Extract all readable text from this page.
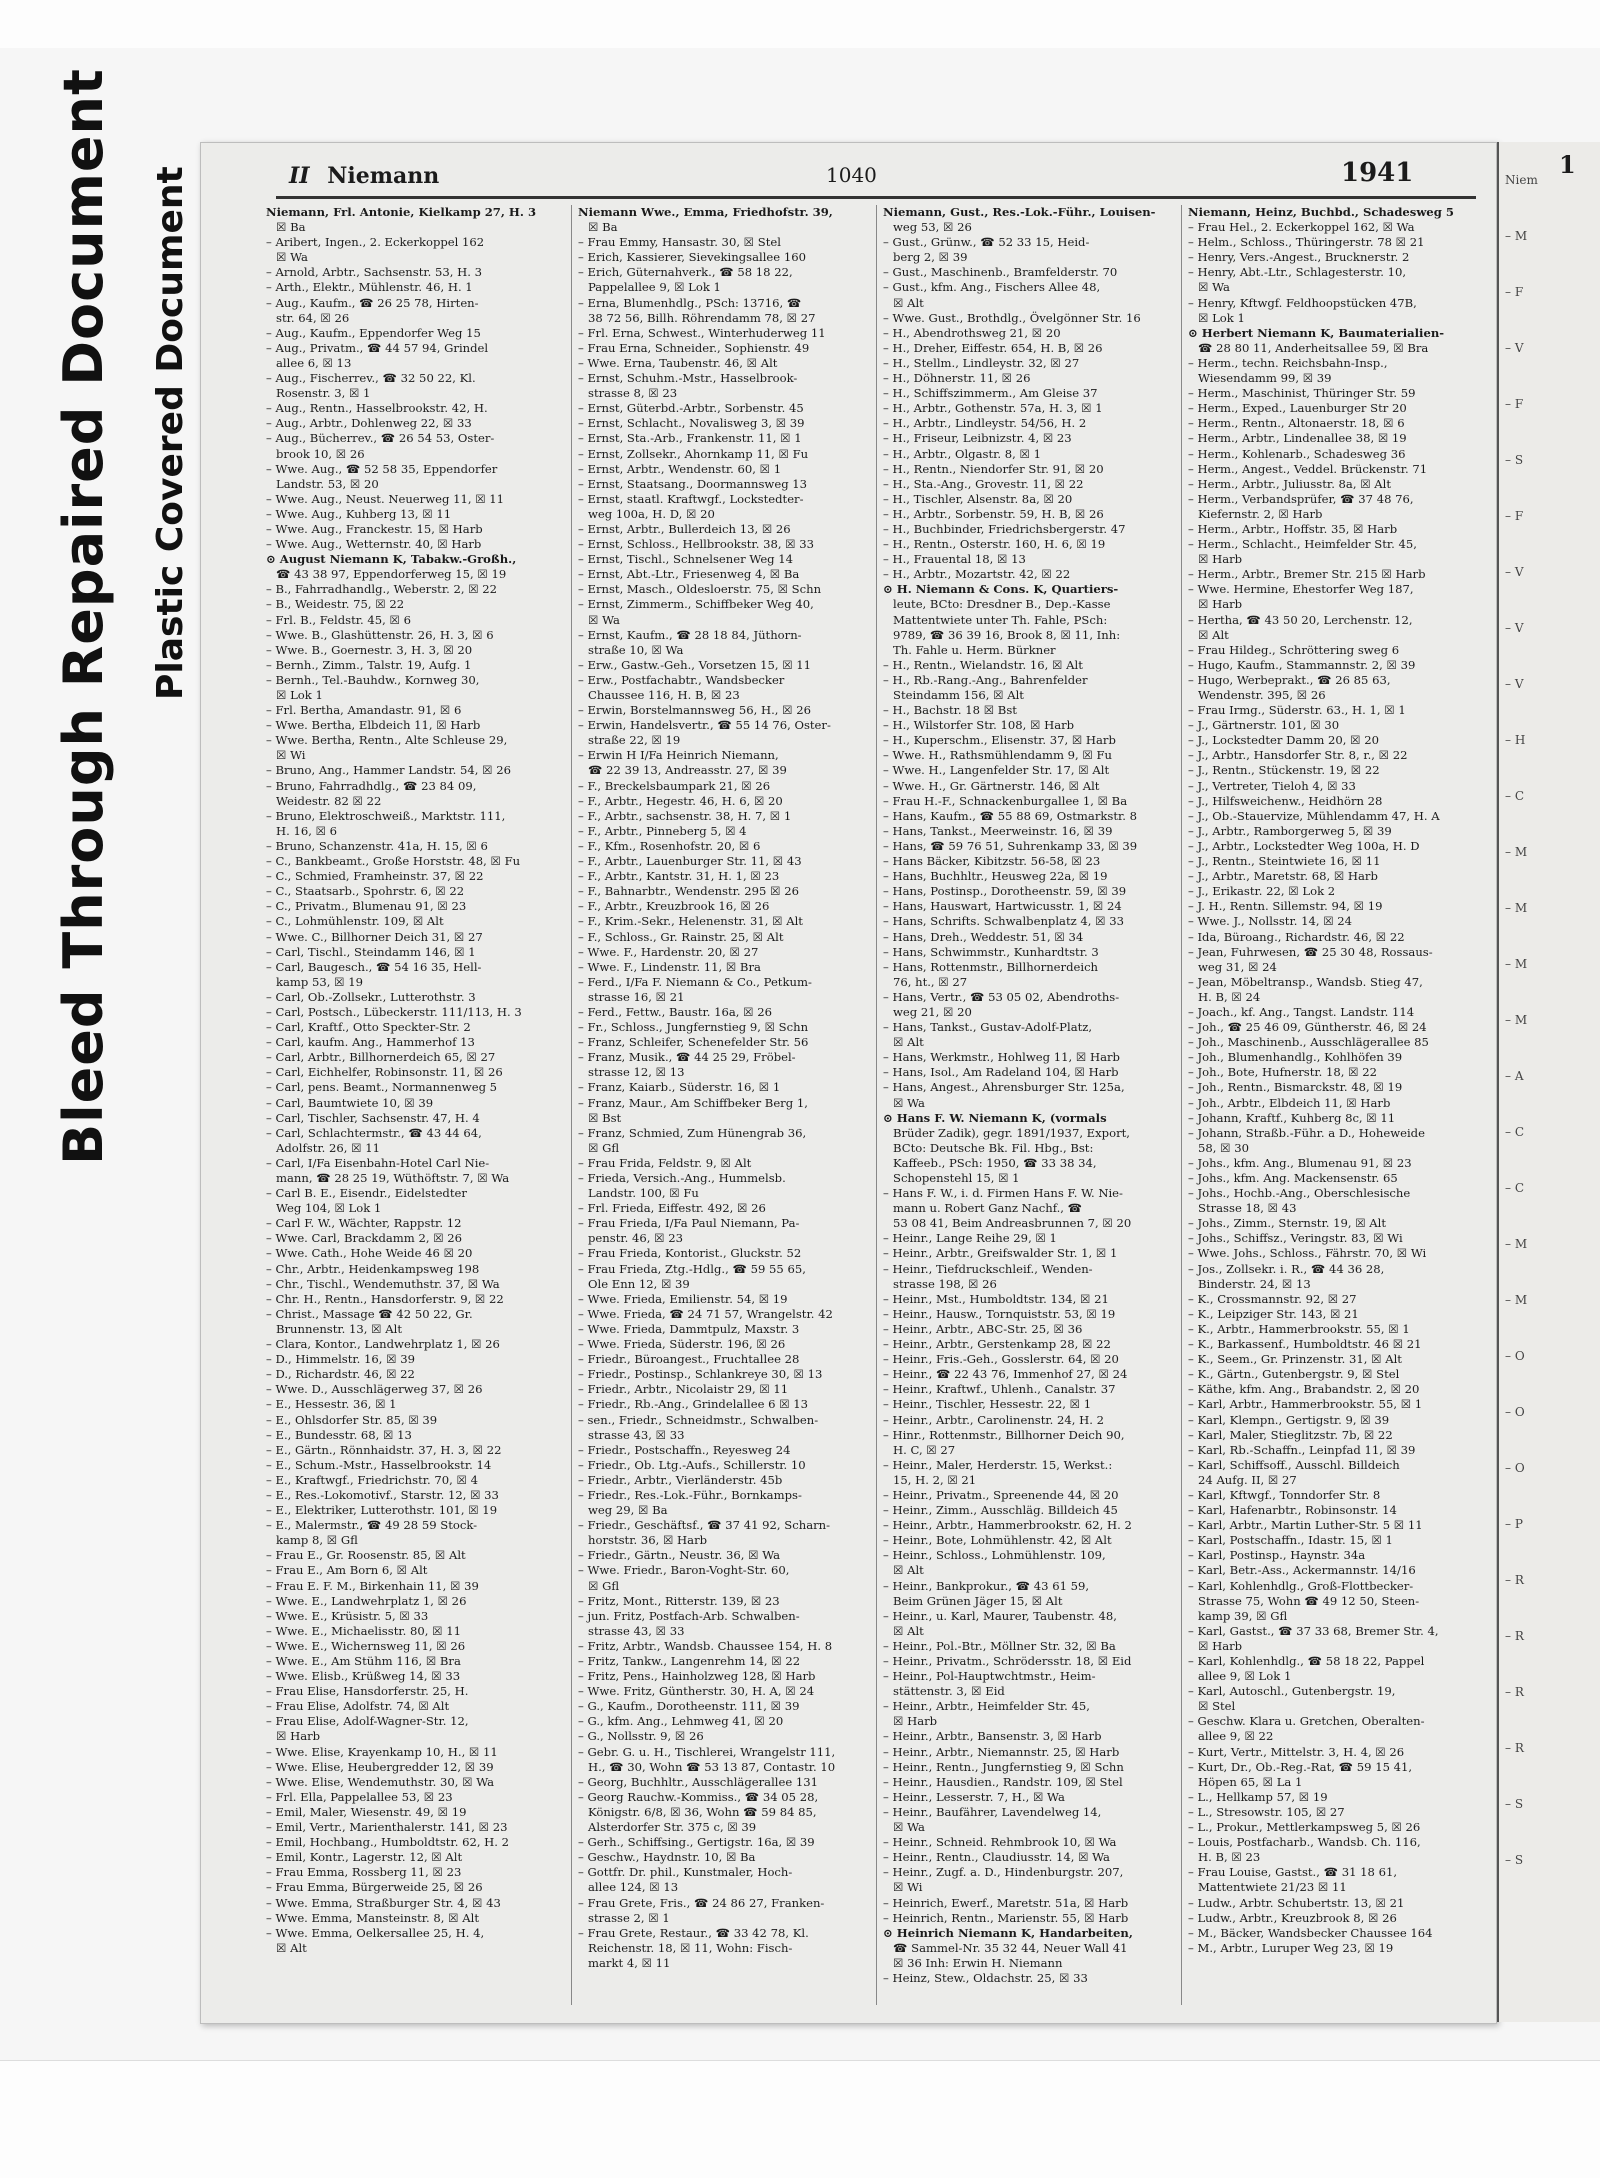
Bleed Through Repaired Document Plastic Covered Document	II Niemann	1040	1941
Niemann, Frl. Antonie, Kielkamp 27, H. 3
☒ Ba
– Aribert, Ingen., 2. Eckerkoppel 162
☒ Wa
– Arnold, Arbtr., Sachsenstr. 53, H. 3
– Arth., Elektr., Mühlenstr. 46, H. 1
– Aug., Kaufm., ☎ 26 25 78, Hirten-
str. 64, ☒ 26
– Aug., Kaufm., Eppendorfer Weg 15
– Aug., Privatm., ☎ 44 57 94, Grindel
allee 6, ☒ 13
– Aug., Fischerrev., ☎ 32 50 22, Kl.
Rosenstr. 3, ☒ 1
– Aug., Rentn., Hasselbrookstr. 42, H.
– Aug., Arbtr., Dohlenweg 22, ☒ 33
– Aug., Bücherrev., ☎ 26 54 53, Oster-
brook 10, ☒ 26
– Wwe. Aug., ☎ 52 58 35, Eppendorfer
Landstr. 53, ☒ 20
– Wwe. Aug., Neust. Neuerweg 11, ☒ 11
– Wwe. Aug., Kuhberg 13, ☒ 11
– Wwe. Aug., Franckestr. 15, ☒ Harb
– Wwe. Aug., Wetternstr. 40, ☒ Harb
⊙ August Niemann K, Tabakw.-Großh.,
☎ 43 38 97, Eppendorferweg 15, ☒ 19
– B., Fahrradhandlg., Weberstr. 2, ☒ 22
– B., Weidestr. 75, ☒ 22
– Frl. B., Feldstr. 45, ☒ 6
– Wwe. B., Glashüttenstr. 26, H. 3, ☒ 6
– Wwe. B., Goernestr. 3, H. 3, ☒ 20
– Bernh., Zimm., Talstr. 19, Aufg. 1
– Bernh., Tel.-Bauhdw., Kornweg 30,
☒ Lok 1
– Frl. Bertha, Amandastr. 91, ☒ 6
– Wwe. Bertha, Elbdeich 11, ☒ Harb
– Wwe. Bertha, Rentn., Alte Schleuse 29,
☒ Wi
– Bruno, Ang., Hammer Landstr. 54, ☒ 26
– Bruno, Fahrradhdlg., ☎ 23 84 09,
Weidestr. 82 ☒ 22
– Bruno, Elektroschweiß., Marktstr. 111,
H. 16, ☒ 6
– Bruno, Schanzenstr. 41a, H. 15, ☒ 6
– C., Bankbeamt., Große Horststr. 48, ☒ Fu
– C., Schmied, Framheinstr. 37, ☒ 22
– C., Staatsarb., Spohrstr. 6, ☒ 22
– C., Privatm., Blumenau 91, ☒ 23
– C., Lohmühlenstr. 109, ☒ Alt
– Wwe. C., Billhorner Deich 31, ☒ 27
– Carl, Tischl., Steindamm 146, ☒ 1
– Carl, Baugesch., ☎ 54 16 35, Hell-
kamp 53, ☒ 19
– Carl, Ob.-Zollsekr., Lutterothstr. 3
– Carl, Postsch., Lübeckerstr. 111/113, H. 3
– Carl, Kraftf., Otto Speckter-Str. 2
– Carl, kaufm. Ang., Hammerhof 13
– Carl, Arbtr., Billhornerdeich 65, ☒ 27
– Carl, Eichhelfer, Robinsonstr. 11, ☒ 26
– Carl, pens. Beamt., Normannenweg 5
– Carl, Baumtwiete 10, ☒ 39
– Carl, Tischler, Sachsenstr. 47, H. 4
– Carl, Schlachtermstr., ☎ 43 44 64,
Adolfstr. 26, ☒ 11
– Carl, I/Fa Eisenbahn-Hotel Carl Nie-
mann, ☎ 28 25 19, Wüthöftstr. 7, ☒ Wa
– Carl B. E., Eisendr., Eidelstedter
Weg 104, ☒ Lok 1
– Carl F. W., Wächter, Rappstr. 12
– Wwe. Carl, Brackdamm 2, ☒ 26
– Wwe. Cath., Hohe Weide 46 ☒ 20
– Chr., Arbtr., Heidenkampsweg 198
– Chr., Tischl., Wendemuthstr. 37, ☒ Wa
– Chr. H., Rentn., Hansdorferstr. 9, ☒ 22
– Christ., Massage ☎ 42 50 22, Gr.
Brunnenstr. 13, ☒ Alt
– Clara, Kontor., Landwehrplatz 1, ☒ 26
– D., Himmelstr. 16, ☒ 39
– D., Richardstr. 46, ☒ 22
– Wwe. D., Ausschlägerweg 37, ☒ 26
– E., Hessestr. 36, ☒ 1
– E., Ohlsdorfer Str. 85, ☒ 39
– E., Bundesstr. 68, ☒ 13
– E., Gärtn., Rönnhaidstr. 37, H. 3, ☒ 22
– E., Schum.-Mstr., Hasselbrookstr. 14
– E., Kraftwgf., Friedrichstr. 70, ☒ 4
– E., Res.-Lokomotivf., Starstr. 12, ☒ 33
– E., Elektriker, Lutterothstr. 101, ☒ 19
– E., Malermstr., ☎ 49 28 59 Stock-
kamp 8, ☒ Gfl
– Frau E., Gr. Roosenstr. 85, ☒ Alt
– Frau E., Am Born 6, ☒ Alt
– Frau E. F. M., Birkenhain 11, ☒ 39
– Wwe. E., Landwehrplatz 1, ☒ 26
– Wwe. E., Krüsistr. 5, ☒ 33
– Wwe. E., Michaelisstr. 80, ☒ 11
– Wwe. E., Wichernsweg 11, ☒ 26
– Wwe. E., Am Stühm 116, ☒ Bra
– Wwe. Elisb., Krüßweg 14, ☒ 33
– Frau Elise, Hansdorferstr. 25, H.
– Frau Elise, Adolfstr. 74, ☒ Alt
– Frau Elise, Adolf-Wagner-Str. 12,
☒ Harb
– Wwe. Elise, Krayenkamp 10, H., ☒ 11
– Wwe. Elise, Heubergredder 12, ☒ 39
– Wwe. Elise, Wendemuthstr. 30, ☒ Wa
– Frl. Ella, Pappelallee 53, ☒ 23
– Emil, Maler, Wiesenstr. 49, ☒ 19
– Emil, Vertr., Marienthalerstr. 141, ☒ 23
– Emil, Hochbang., Humboldtstr. 62, H. 2
– Emil, Kontr., Lagerstr. 12, ☒ Alt
– Frau Emma, Rossberg 11, ☒ 23
– Frau Emma, Bürgerweide 25, ☒ 26
– Wwe. Emma, Straßburger Str. 4, ☒ 43
– Wwe. Emma, Mansteinstr. 8, ☒ Alt
– Wwe. Emma, Oelkersallee 25, H. 4,
☒ Alt
Niemann Wwe., Emma, Friedhofstr. 39,
☒ Ba
– Frau Emmy, Hansastr. 30, ☒ Stel
– Erich, Kassierer, Sievekingsallee 160
– Erich, Güternahverk., ☎ 58 18 22,
Pappelallee 9, ☒ Lok 1
– Erna, Blumenhdlg., PSch: 13716, ☎
38 72 56, Billh. Röhrendamm 78, ☒ 27
– Frl. Erna, Schwest., Winterhuderweg 11
– Frau Erna, Schneider., Sophienstr. 49
– Wwe. Erna, Taubenstr. 46, ☒ Alt
– Ernst, Schuhm.-Mstr., Hasselbrook-
strasse 8, ☒ 23
– Ernst, Güterbd.-Arbtr., Sorbenstr. 45
– Ernst, Schlacht., Novalisweg 3, ☒ 39
– Ernst, Sta.-Arb., Frankenstr. 11, ☒ 1
– Ernst, Zollsekr., Ahornkamp 11, ☒ Fu
– Ernst, Arbtr., Wendenstr. 60, ☒ 1
– Ernst, Staatsang., Doormannsweg 13
– Ernst, staatl. Kraftwgf., Lockstedter-
weg 100a, H. D, ☒ 20
– Ernst, Arbtr., Bullerdeich 13, ☒ 26
– Ernst, Schloss., Hellbrookstr. 38, ☒ 33
– Ernst, Tischl., Schnelsener Weg 14
– Ernst, Abt.-Ltr., Friesenweg 4, ☒ Ba
– Ernst, Masch., Oldesloerstr. 75, ☒ Schn
– Ernst, Zimmerm., Schiffbeker Weg 40,
☒ Wa
– Ernst, Kaufm., ☎ 28 18 84, Jüthorn-
straße 10, ☒ Wa
– Erw., Gastw.-Geh., Vorsetzen 15, ☒ 11
– Erw., Postfachabtr., Wandsbecker
Chaussee 116, H. B, ☒ 23
– Erwin, Borstelmannsweg 56, H., ☒ 26
– Erwin, Handelsvertr., ☎ 55 14 76, Oster-
straße 22, ☒ 19
– Erwin H I/Fa Heinrich Niemann,
☎ 22 39 13, Andreasstr. 27, ☒ 39
– F., Breckelsbaumpark 21, ☒ 26
– F., Arbtr., Hegestr. 46, H. 6, ☒ 20
– F., Arbtr., sachsenstr. 38, H. 7, ☒ 1
– F., Arbtr., Pinneberg 5, ☒ 4
– F., Kfm., Rosenhofstr. 20, ☒ 6
– F., Arbtr., Lauenburger Str. 11, ☒ 43
– F., Arbtr., Kantstr. 31, H. 1, ☒ 23
– F., Bahnarbtr., Wendenstr. 295 ☒ 26
– F., Arbtr., Kreuzbrook 16, ☒ 26
– F., Krim.-Sekr., Helenenstr. 31, ☒ Alt
– F., Schloss., Gr. Rainstr. 25, ☒ Alt
– Wwe. F., Hardenstr. 20, ☒ 27
– Wwe. F., Lindenstr. 11, ☒ Bra
– Ferd., I/Fa F. Niemann & Co., Petkum-
strasse 16, ☒ 21
– Ferd., Fettw., Baustr. 16a, ☒ 26
– Fr., Schloss., Jungfernstieg 9, ☒ Schn
– Franz, Schleifer, Schenefelder Str. 56
– Franz, Musik., ☎ 44 25 29, Fröbel-
strasse 12, ☒ 13
– Franz, Kaiarb., Süderstr. 16, ☒ 1
– Franz, Maur., Am Schiffbeker Berg 1,
☒ Bst
– Franz, Schmied, Zum Hünengrab 36,
☒ Gfl
– Frau Frida, Feldstr. 9, ☒ Alt
– Frieda, Versich.-Ang., Hummelsb.
Landstr. 100, ☒ Fu
– Frl. Frieda, Eiffestr. 492, ☒ 26
– Frau Frieda, I/Fa Paul Niemann, Pa-
penstr. 46, ☒ 23
– Frau Frieda, Kontorist., Gluckstr. 52
– Frau Frieda, Ztg.-Hdlg., ☎ 59 55 65,
Ole Enn 12, ☒ 39
– Wwe. Frieda, Emilienstr. 54, ☒ 19
– Wwe. Frieda, ☎ 24 71 57, Wrangelstr. 42
– Wwe. Frieda, Dammtpulz, Maxstr. 3
– Wwe. Frieda, Süderstr. 196, ☒ 26
– Friedr., Büroangest., Fruchtallee 28
– Friedr., Postinsp., Schlankreye 30, ☒ 13
– Friedr., Arbtr., Nicolaistr 29, ☒ 11
– Friedr., Rb.-Ang., Grindelallee 6 ☒ 13
– sen., Friedr., Schneidmstr., Schwalben-
strasse 43, ☒ 33
– Friedr., Postschaffn., Reyesweg 24
– Friedr., Ob. Ltg.-Aufs., Schillerstr. 10
– Friedr., Arbtr., Vierländerstr. 45b
– Friedr., Res.-Lok.-Führ., Bornkamps-
weg 29, ☒ Ba
– Friedr., Geschäftsf., ☎ 37 41 92, Scharn-
horststr. 36, ☒ Harb
– Friedr., Gärtn., Neustr. 36, ☒ Wa
– Wwe. Friedr., Baron-Voght-Str. 60,
☒ Gfl
– Fritz, Mont., Ritterstr. 139, ☒ 23
– jun. Fritz, Postfach-Arb. Schwalben-
strasse 43, ☒ 33
– Fritz, Arbtr., Wandsb. Chaussee 154, H. 8
– Fritz, Tankw., Langenrehm 14, ☒ 22
– Fritz, Pens., Hainholzweg 128, ☒ Harb
– Wwe. Fritz, Güntherstr. 30, H. A, ☒ 24
– G., Kaufm., Dorotheenstr. 111, ☒ 39
– G., kfm. Ang., Lehmweg 41, ☒ 20
– G., Nollsstr. 9, ☒ 26
– Gebr. G. u. H., Tischlerei, Wrangelstr 111,
H., ☎ 30, Wohn ☎ 53 13 87, Contastr. 10
– Georg, Buchhltr., Ausschlägerallee 131
– Georg Rauchw.-Kommiss., ☎ 34 05 28,
Königstr. 6/8, ☒ 36, Wohn ☎ 59 84 85,
Alsterdorfer Str. 375 c, ☒ 39
– Gerh., Schiffsing., Gertigstr. 16a, ☒ 39
– Geschw., Haydnstr. 10, ☒ Ba
– Gottfr. Dr. phil., Kunstmaler, Hoch-
allee 124, ☒ 13
– Frau Grete, Fris., ☎ 24 86 27, Franken-
strasse 2, ☒ 1
– Frau Grete, Restaur., ☎ 33 42 78, Kl.
Reichenstr. 18, ☒ 11, Wohn: Fisch-
markt 4, ☒ 11
Niemann, Gust., Res.-Lok.-Führ., Louisen-
weg 53, ☒ 26
– Gust., Grünw., ☎ 52 33 15, Heid-
berg 2, ☒ 39
– Gust., Maschinenb., Bramfelderstr. 70
– Gust., kfm. Ang., Fischers Allee 48,
☒ Alt
– Wwe. Gust., Brothdlg., Övelgönner Str. 16
– H., Abendrothsweg 21, ☒ 20
– H., Dreher, Eiffestr. 654, H. B, ☒ 26
– H., Stellm., Lindleystr. 32, ☒ 27
– H., Döhnerstr. 11, ☒ 26
– H., Schiffszimmerm., Am Gleise 37
– H., Arbtr., Gothenstr. 57a, H. 3, ☒ 1
– H., Arbtr., Lindleystr. 54/56, H. 2
– H., Friseur, Leibnizstr. 4, ☒ 23
– H., Arbtr., Olgastr. 8, ☒ 1
– H., Rentn., Niendorfer Str. 91, ☒ 20
– H., Sta.-Ang., Grovestr. 11, ☒ 22
– H., Tischler, Alsenstr. 8a, ☒ 20
– H., Arbtr., Sorbenstr. 59, H. B, ☒ 26
– H., Buchbinder, Friedrichsbergerstr. 47
– H., Rentn., Osterstr. 160, H. 6, ☒ 19
– H., Frauental 18, ☒ 13
– H., Arbtr., Mozartstr. 42, ☒ 22
⊙ H. Niemann & Cons. K, Quartiers-
leute, BCto: Dresdner B., Dep.-Kasse
Mattentwiete unter Th. Fahle, PSch:
9789, ☎ 36 39 16, Brook 8, ☒ 11, Inh:
Th. Fahle u. Herm. Bürkner
– H., Rentn., Wielandstr. 16, ☒ Alt
– H., Rb.-Rang.-Ang., Bahrenfelder
Steindamm 156, ☒ Alt
– H., Bachstr. 18 ☒ Bst
– H., Wilstorfer Str. 108, ☒ Harb
– H., Kuperschm., Elisenstr. 37, ☒ Harb
– Wwe. H., Rathsmühlendamm 9, ☒ Fu
– Wwe. H., Langenfelder Str. 17, ☒ Alt
– Wwe. H., Gr. Gärtnerstr. 146, ☒ Alt
– Frau H.-F., Schnackenburgallee 1, ☒ Ba
– Hans, Kaufm., ☎ 55 88 69, Ostmarkstr. 8
– Hans, Tankst., Meerweinstr. 16, ☒ 39
– Hans, ☎ 59 76 51, Suhrenkamp 33, ☒ 39
– Hans Bäcker, Kibitzstr. 56-58, ☒ 23
– Hans, Buchhltr., Heusweg 22a, ☒ 19
– Hans, Postinsp., Dorotheenstr. 59, ☒ 39
– Hans, Hauswart, Hartwicusstr. 1, ☒ 24
– Hans, Schrifts. Schwalbenplatz 4, ☒ 33
– Hans, Dreh., Weddestr. 51, ☒ 34
– Hans, Schwimmstr., Kunhardtstr. 3
– Hans, Rottenmstr., Billhornerdeich
76, ht., ☒ 27
– Hans, Vertr., ☎ 53 05 02, Abendroths-
weg 21, ☒ 20
– Hans, Tankst., Gustav-Adolf-Platz,
☒ Alt
– Hans, Werkmstr., Hohlweg 11, ☒ Harb
– Hans, Isol., Am Radeland 104, ☒ Harb
– Hans, Angest., Ahrensburger Str. 125a,
☒ Wa
⊙ Hans F. W. Niemann K, (vormals
Brüder Zadik), gegr. 1891/1937, Export,
BCto: Deutsche Bk. Fil. Hbg., Bst:
Kaffeeb., PSch: 1950, ☎ 33 38 34,
Schopenstehl 15, ☒ 1
– Hans F. W., i. d. Firmen Hans F. W. Nie-
mann u. Robert Ganz Nachf., ☎
53 08 41, Beim Andreasbrunnen 7, ☒ 20
– Heinr., Lange Reihe 29, ☒ 1
– Heinr., Arbtr., Greifswalder Str. 1, ☒ 1
– Heinr., Tiefdruckschleif., Wenden-
strasse 198, ☒ 26
– Heinr., Mst., Humboldtstr. 134, ☒ 21
– Heinr., Hausw., Tornquiststr. 53, ☒ 19
– Heinr., Arbtr., ABC-Str. 25, ☒ 36
– Heinr., Arbtr., Gerstenkamp 28, ☒ 22
– Heinr., Fris.-Geh., Gosslerstr. 64, ☒ 20
– Heinr., ☎ 22 43 76, Immenhof 27, ☒ 24
– Heinr., Kraftwf., Uhlenh., Canalstr. 37
– Heinr., Tischler, Hessestr. 22, ☒ 1
– Heinr., Arbtr., Carolinenstr. 24, H. 2
– Hinr., Rottenmstr., Billhorner Deich 90,
H. C, ☒ 27
– Heinr., Maler, Herderstr. 15, Werkst.:
15, H. 2, ☒ 21
– Heinr., Privatm., Spreenende 44, ☒ 20
– Heinr., Zimm., Ausschläg. Billdeich 45
– Heinr., Arbtr., Hammerbrookstr. 62, H. 2
– Heinr., Bote, Lohmühlenstr. 42, ☒ Alt
– Heinr., Schloss., Lohmühlenstr. 109,
☒ Alt
– Heinr., Bankprokur., ☎ 43 61 59,
Beim Grünen Jäger 15, ☒ Alt
– Heinr., u. Karl, Maurer, Taubenstr. 48,
☒ Alt
– Heinr., Pol.-Btr., Möllner Str. 32, ☒ Ba
– Heinr., Privatm., Schrödersstr. 18, ☒ Eid
– Heinr., Pol-Hauptwchtmstr., Heim-
stättenstr. 3, ☒ Eid
– Heinr., Arbtr., Heimfelder Str. 45,
☒ Harb
– Heinr., Arbtr., Bansenstr. 3, ☒ Harb
– Heinr., Arbtr., Niemannstr. 25, ☒ Harb
– Heinr., Rentn., Jungfernstieg 9, ☒ Schn
– Heinr., Hausdien., Randstr. 109, ☒ Stel
– Heinr., Lesserstr. 7, H., ☒ Wa
– Heinr., Baufährer, Lavendelweg 14,
☒ Wa
– Heinr., Schneid. Rehmbrook 10, ☒ Wa
– Heinr., Rentn., Claudiusstr. 14, ☒ Wa
– Heinr., Zugf. a. D., Hindenburgstr. 207,
☒ Wi
– Heinrich, Ewerf., Maretstr. 51a, ☒ Harb
– Heinrich, Rentn., Marienstr. 55, ☒ Harb
⊙ Heinrich Niemann K, Handarbeiten,
☎ Sammel-Nr. 35 32 44, Neuer Wall 41
☒ 36 Inh: Erwin H. Niemann
– Heinz, Stew., Oldachstr. 25, ☒ 33
Niemann, Heinz, Buchbd., Schadesweg 5
– Frau Hel., 2. Eckerkoppel 162, ☒ Wa
– Helm., Schloss., Thüringerstr. 78 ☒ 21
– Henry, Vers.-Angest., Brucknerstr. 2
– Henry, Abt.-Ltr., Schlagesterstr. 10,
☒ Wa
– Henry, Kftwgf. Feldhoopstücken 47B,
☒ Lok 1
⊙ Herbert Niemann K, Baumaterialien-
☎ 28 80 11, Anderheitsallee 59, ☒ Bra
– Herm., techn. Reichsbahn-Insp.,
Wiesendamm 99, ☒ 39
– Herm., Maschinist, Thüringer Str. 59
– Herm., Exped., Lauenburger Str 20
– Herm., Rentn., Altonaerstr. 18, ☒ 6
– Herm., Arbtr., Lindenallee 38, ☒ 19
– Herm., Kohlenarb., Schadesweg 36
– Herm., Angest., Veddel. Brückenstr. 71
– Herm., Arbtr., Juliusstr. 8a, ☒ Alt
– Herm., Verbandsprüfer, ☎ 37 48 76,
Kiefernstr. 2, ☒ Harb
– Herm., Arbtr., Hoffstr. 35, ☒ Harb
– Herm., Schlacht., Heimfelder Str. 45,
☒ Harb
– Herm., Arbtr., Bremer Str. 215 ☒ Harb
– Wwe. Hermine, Ehestorfer Weg 187,
☒ Harb
– Hertha, ☎ 43 50 20, Lerchenstr. 12,
☒ Alt
– Frau Hildeg., Schröttering sweg 6
– Hugo, Kaufm., Stammannstr. 2, ☒ 39
– Hugo, Werbeprakt., ☎ 26 85 63,
Wendenstr. 395, ☒ 26
– Frau Irmg., Süderstr. 63., H. 1, ☒ 1
– J., Gärtnerstr. 101, ☒ 30
– J., Lockstedter Damm 20, ☒ 20
– J., Arbtr., Hansdorfer Str. 8, r., ☒ 22
– J., Rentn., Stückenstr. 19, ☒ 22
– J., Vertreter, Tieloh 4, ☒ 33
– J., Hilfsweichenw., Heidhörn 28
– J., Ob.-Stauervize, Mühlendamm 47, H. A
– J., Arbtr., Ramborgerweg 5, ☒ 39
– J., Arbtr., Lockstedter Weg 100a, H. D
– J., Rentn., Steintwiete 16, ☒ 11
– J., Arbtr., Maretstr. 68, ☒ Harb
– J., Erikastr. 22, ☒ Lok 2
– J. H., Rentn. Sillemstr. 94, ☒ 19
– Wwe. J., Nollsstr. 14, ☒ 24
– Ida, Büroang., Richardstr. 46, ☒ 22
– Jean, Fuhrwesen, ☎ 25 30 48, Rossaus-
weg 31, ☒ 24
– Jean, Möbeltransp., Wandsb. Stieg 47,
H. B, ☒ 24
– Joach., kf. Ang., Tangst. Landstr. 114
– Joh., ☎ 25 46 09, Güntherstr. 46, ☒ 24
– Joh., Maschinenb., Ausschlägerallee 85
– Joh., Blumenhandlg., Kohlhöfen 39
– Joh., Bote, Hufnerstr. 18, ☒ 22
– Joh., Rentn., Bismarckstr. 48, ☒ 19
– Joh., Arbtr., Elbdeich 11, ☒ Harb
– Johann, Kraftf., Kuhberg 8c, ☒ 11
– Johann, Straßb.-Führ. a D., Hoheweide
58, ☒ 30
– Johs., kfm. Ang., Blumenau 91, ☒ 23
– Johs., kfm. Ang. Mackensenstr. 65
– Johs., Hochb.-Ang., Oberschlesische
Strasse 18, ☒ 43
– Johs., Zimm., Sternstr. 19, ☒ Alt
– Johs., Schiffsz., Veringstr. 83, ☒ Wi
– Wwe. Johs., Schloss., Fährstr. 70, ☒ Wi
– Jos., Zollsekr. i. R., ☎ 44 36 28,
Binderstr. 24, ☒ 13
– K., Crossmannstr. 92, ☒ 27
– K., Leipziger Str. 143, ☒ 21
– K., Arbtr., Hammerbrookstr. 55, ☒ 1
– K., Barkassenf., Humboldtstr. 46 ☒ 21
– K., Seem., Gr. Prinzenstr. 31, ☒ Alt
– K., Gärtn., Gutenbergstr. 9, ☒ Stel
– Käthe, kfm. Ang., Brabandstr. 2, ☒ 20
– Karl, Arbtr., Hammerbrookstr. 55, ☒ 1
– Karl, Klempn., Gertigstr. 9, ☒ 39
– Karl, Maler, Stieglitzstr. 7b, ☒ 22
– Karl, Rb.-Schaffn., Leinpfad 11, ☒ 39
– Karl, Schiffsoff., Ausschl. Billdeich
24 Aufg. II, ☒ 27
– Karl, Kftwgf., Tonndorfer Str. 8
– Karl, Hafenarbtr., Robinsonstr. 14
– Karl, Arbtr., Martin Luther-Str. 5 ☒ 11
– Karl, Postschaffn., Idastr. 15, ☒ 1
– Karl, Postinsp., Haynstr. 34a
– Karl, Betr.-Ass., Ackermannstr. 14/16
– Karl, Kohlenhdlg., Groß-Flottbecker-
Strasse 75, Wohn ☎ 49 12 50, Steen-
kamp 39, ☒ Gfl
– Karl, Gastst., ☎ 37 33 68, Bremer Str. 4,
☒ Harb
– Karl, Kohlenhdlg., ☎ 58 18 22, Pappel
allee 9, ☒ Lok 1
– Karl, Autoschl., Gutenbergstr. 19,
☒ Stel
– Geschw. Klara u. Gretchen, Oberalten-
allee 9, ☒ 22
– Kurt, Vertr., Mittelstr. 3, H. 4, ☒ 26
– Kurt, Dr., Ob.-Reg.-Rat, ☎ 59 15 41,
Höpen 65, ☒ La 1
– L., Hellkamp 57, ☒ 19
– L., Stresowstr. 105, ☒ 27
– L., Prokur., Mettlerkampsweg 5, ☒ 26
– Louis, Postfacharb., Wandsb. Ch. 116,
H. B, ☒ 23
– Frau Louise, Gastst., ☎ 31 18 61,
Mattentwiete 21/23 ☒ 11
– Ludw., Arbtr. Schubertstr. 13, ☒ 21
– Ludw., Arbtr., Kreuzbrook 8, ☒ 26
– M., Bäcker, Wandsbecker Chaussee 164
– M., Arbtr., Luruper Weg 23, ☒ 19
1
Niem
– M
– F
– V
– F
– S
– F
– V
– V
– V
– H
– C
– M
– M
– M
– M
– A
– C
– C
– M
– M
– O
– O
– O
– P
– R
– R
– R
– R
– S
– S
